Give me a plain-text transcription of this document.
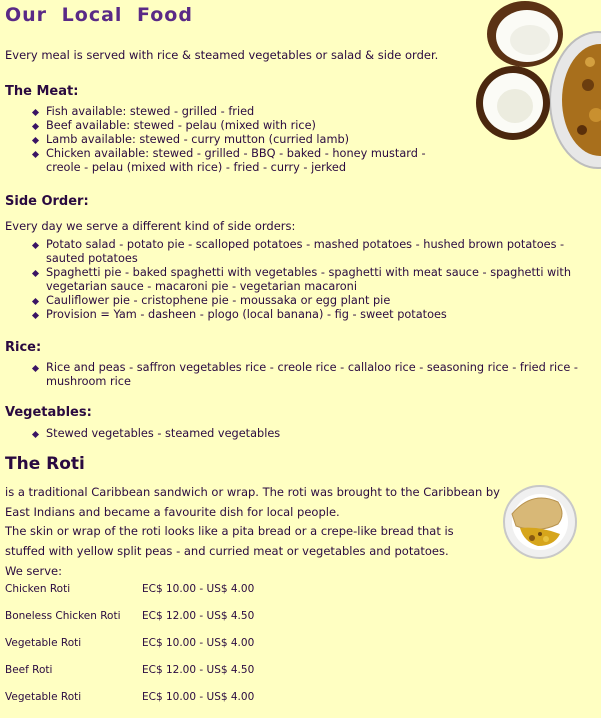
Our Local Food

Every meal is served with rice & steamed vegetables or salad & side order.

The Meat:
Fish available: stewed - grilled - fried
Beef available: stewed - pelau (mixed with rice)
Lamb available: stewed - curry mutton (curried lamb)
Chicken available: stewed - grilled - BBQ - baked - honey mustard - creole - pelau (mixed with rice) - fried - curry - jerked
Side Order:

Every day we serve a different kind of side orders:

Potato salad - potato pie - scalloped potatoes - mashed potatoes - hushed brown potatoes - sauted potatoes
Spaghetti pie - baked spaghetti with vegetables - spaghetti with meat sauce - spaghetti with vegetarian sauce - macaroni pie - vegetarian macaroni
Cauliflower pie - cristophene pie - moussaka or egg plant pie
Provision = Yam - dasheen - plogo (local banana) - fig - sweet potatoes
Rice:
Rice and peas - saffron vegetables rice - creole rice - callaloo rice - seasoning rice - fried rice - mushroom rice
Vegetables:
Stewed vegetables - steamed vegetables
The Roti

is a traditional Caribbean sandwich or wrap. The roti was brought to the Caribbean by East Indians and became a favourite dish for local people.

The skin or wrap of the roti looks like a pita bread or a crepe-like bread that is stuffed with yellow split peas - and curried meat or vegetables and potatoes.

We serve:

Chicken Roti	EC$ 10.00 - US$ 4.00
Boneless Chicken Roti	EC$ 12.00 - US$ 4.50
Vegetable Roti	EC$ 10.00 - US$ 4.00
Beef Roti	EC$ 12.00 - US$ 4.50
Vegetable Roti	EC$ 10.00 - US$ 4.00
